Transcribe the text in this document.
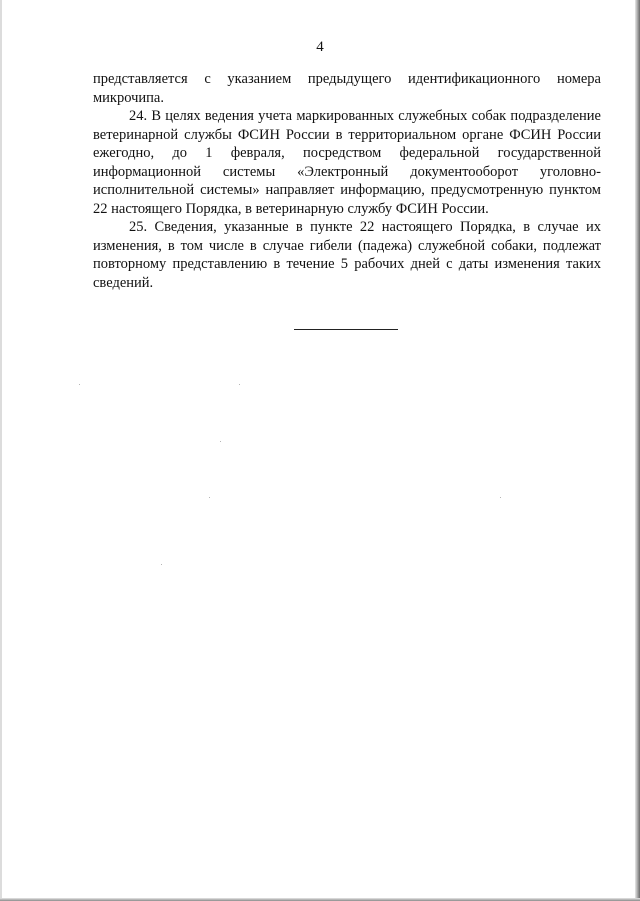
4

представляется с указанием предыдущего идентификационного номера микрочипа.

24. В целях ведения учета маркированных служебных собак подразделение ветеринарной службы ФСИН России в территориальном органе ФСИН России ежегодно, до 1 февраля, посредством федеральной государственной информационной системы «Электронный документооборот уголовно-исполнительной системы» направляет информацию, предусмотренную пунктом 22 настоящего Порядка, в ветеринарную службу ФСИН России.

25. Сведения, указанные в пункте 22 настоящего Порядка, в случае их изменения, в том числе в случае гибели (падежа) служебной собаки, подлежат повторному представлению в течение 5 рабочих дней с даты изменения таких сведений.
